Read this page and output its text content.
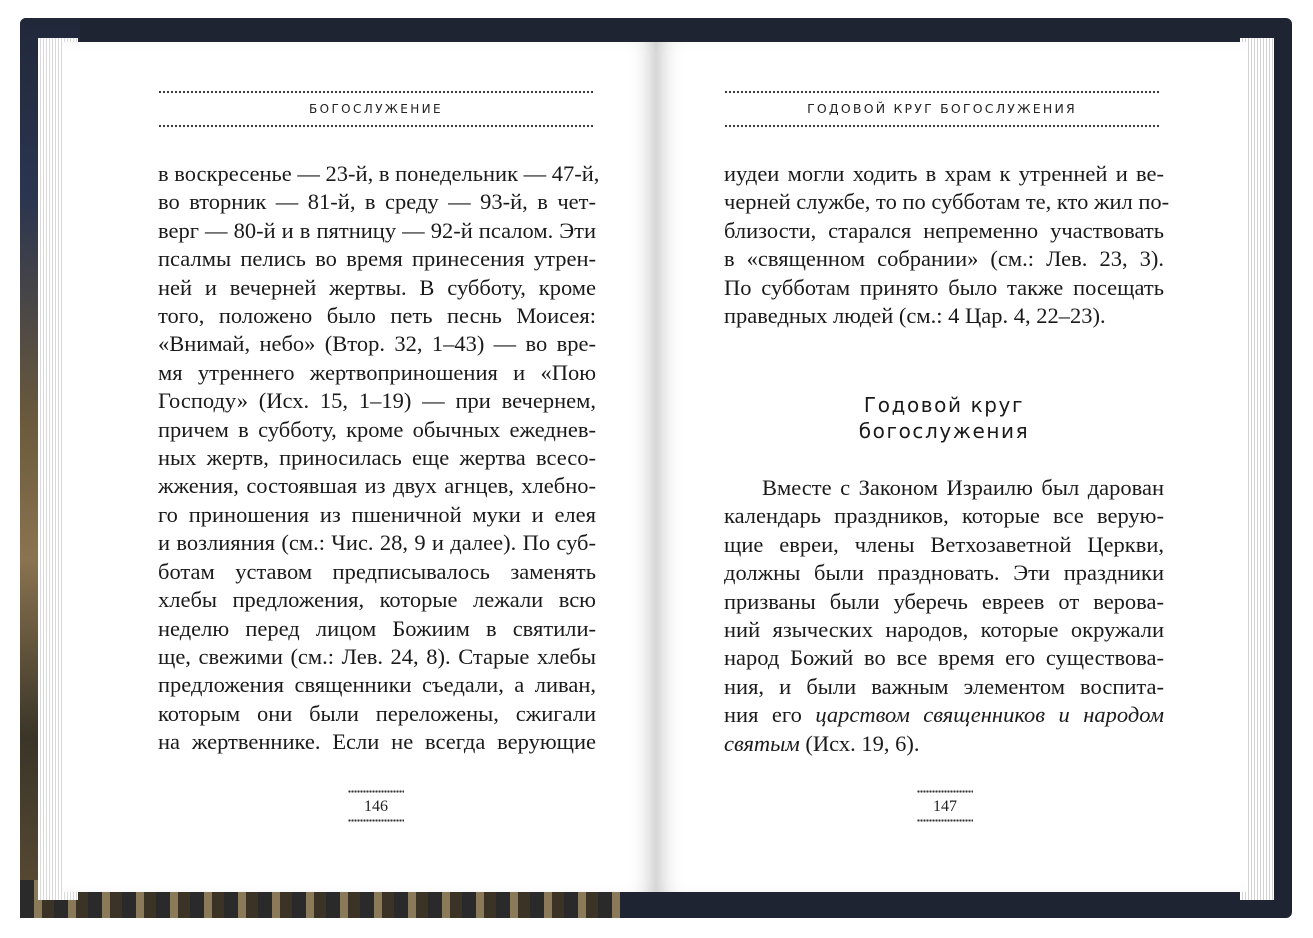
БОГОСЛУЖЕНИЕ	ГОДОВОЙ КРУГ БОГОСЛУЖЕНИЯ
в воскресенье — 23-й, в понедельник — 47-й,
во вторник — 81-й, в среду — 93-й, в чет-
верг — 80-й и в пятницу — 92-й псалом. Эти
псалмы пелись во время принесения утрен-
ней и вечерней жертвы. В субботу, кроме
того, положено было петь песнь Моисея:
«Внимай, небо» (Втор. 32, 1–43) — во вре-
мя утреннего жертвоприношения и «Пою
Господу» (Исх. 15, 1–19) — при вечернем,
причем в субботу, кроме обычных ежеднев-
ных жертв, приносилась еще жертва всесо-
жжения, состоявшая из двух агнцев, хлебно-
го приношения из пшеничной муки и елея
и возлияния (см.: Чис. 28, 9 и далее). По суб-
ботам уставом предписывалось заменять
хлебы предложения, которые лежали всю
неделю перед лицом Божиим в святили-
ще, свежими (см.: Лев. 24, 8). Старые хлебы
предложения священники съедали, а ливан,
которым они были переложены, сжигали
на жертвеннике. Если не всегда верующие
иудеи могли ходить в храм к утренней и ве-
черней службе, то по субботам те, кто жил по-
близости, старался непременно участвовать
в «священном собрании» (см.: Лев. 23, 3).
По субботам принято было также посещать
праведных людей (см.: 4 Цар. 4, 22–23).
Годовой круг
богослужения
Вместе с Законом Израилю был дарован
календарь праздников, которые все верую-
щие евреи, члены Ветхозаветной Церкви,
должны были праздновать. Эти праздники
призваны были уберечь евреев от верова-
ний языческих народов, которые окружали
народ Божий во все время его существова-
ния, и были важным элементом воспита-
ния его царством священников и народом
святым (Исх. 19, 6).
146	147
